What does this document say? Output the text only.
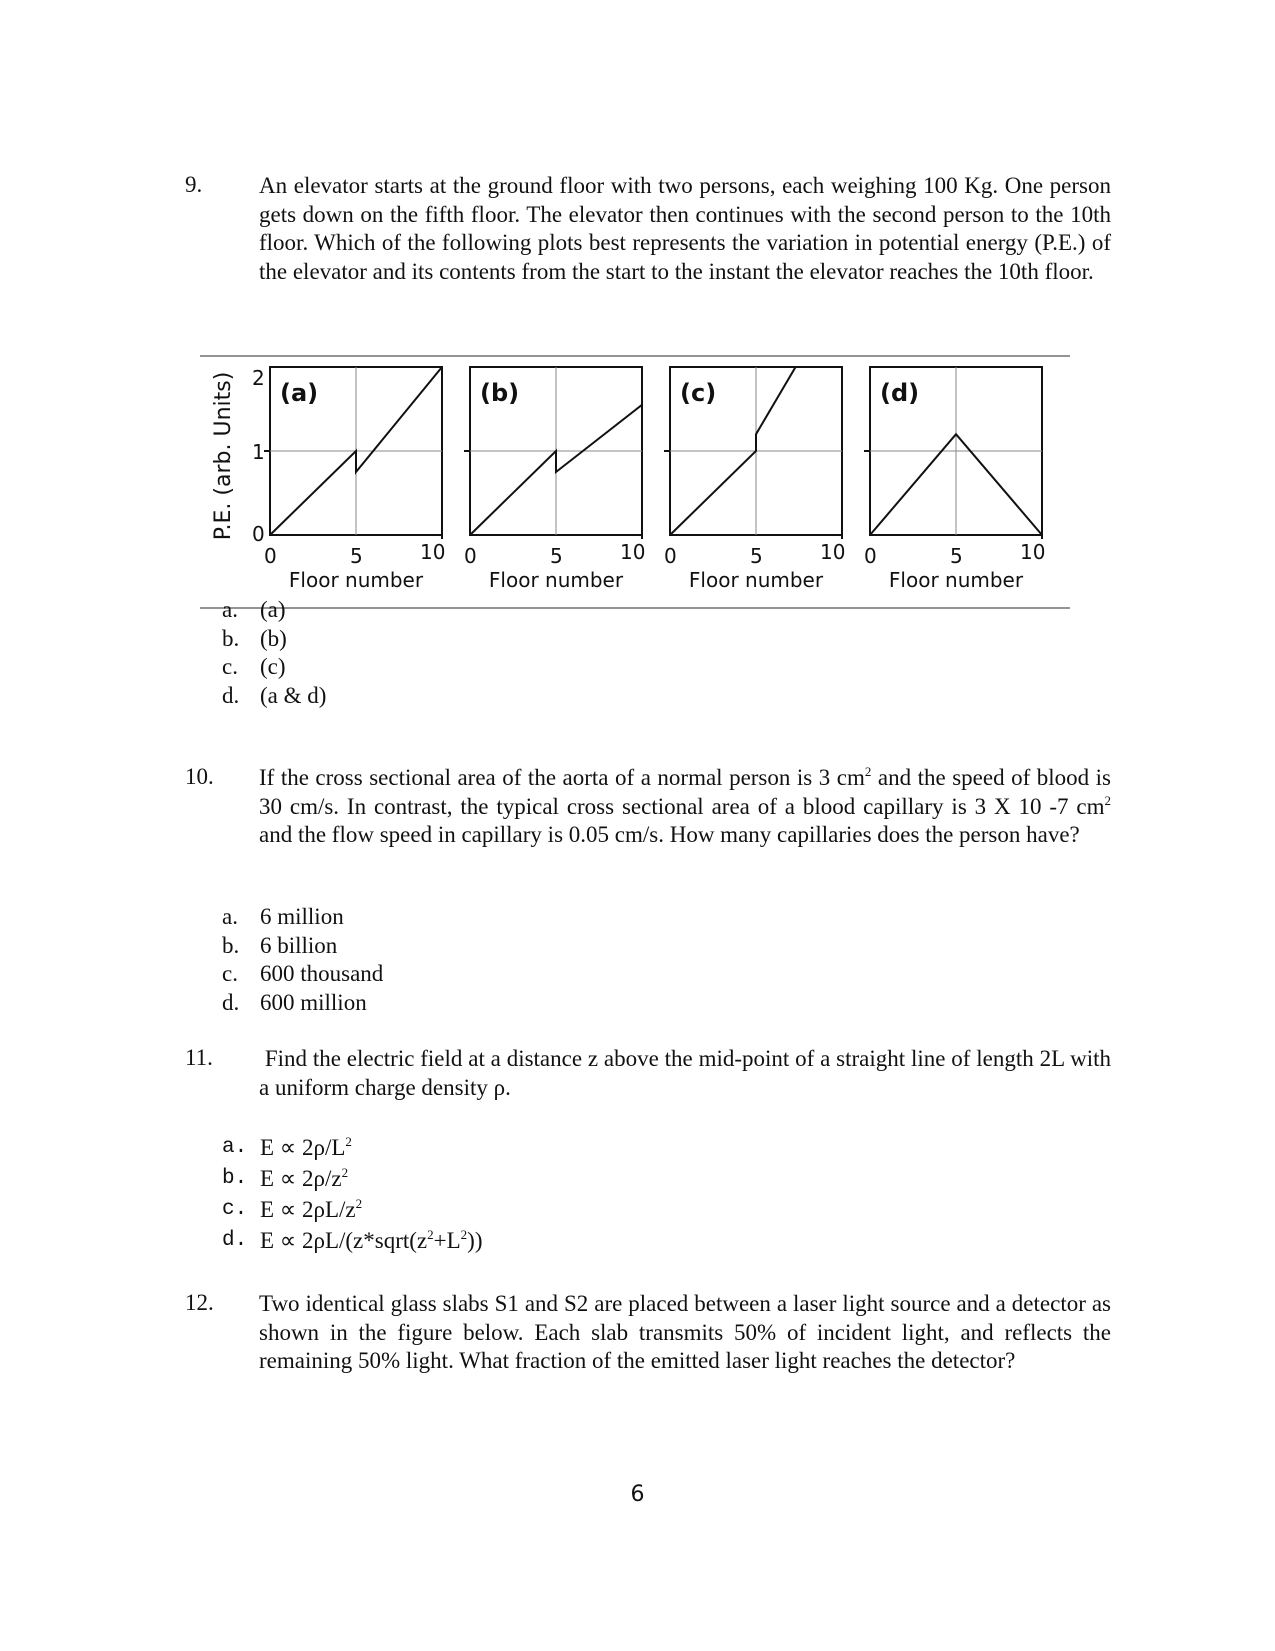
9. An elevator starts at the ground floor with two persons, each weighing 100 Kg. One person gets down on the fifth floor. The elevator then continues with the second person to the 10th floor. Which of the following plots best represents the variation in potential energy (P.E.) of the elevator and its contents from the start to the instant the elevator reaches the 10th floor.
(a)
0	5	10
Floor number
0
1
2
P.E. (arb. Units)	(b)
0	5	10
Floor number
(c)
0	5	10
Floor number
(d)
0	5	10
Floor number
a. (a)
b. (b)
c. (c)
d. (a & d)
10. If the cross sectional area of the aorta of a normal person is 3 $cm^2$ and the speed of blood is 30 cm/s. In contrast, the typical cross sectional area of a blood capillary is 3 X 10 -7 $cm^2$ and the flow speed in capillary is 0.05 cm/s. How many capillaries does the person have?
a. 6 million
b. 6 billion
c. 600 thousand
d. 600 million
11. Find the electric field at a distance z above the mid-point of a straight line of length 2L with a uniform charge density ρ.
a. $E \propto 2\rho/L^2$
b. $E \propto 2\rho/z^2$
c. $E \propto 2\rho L/z^2$
d. $E \propto 2\rho L/(z*sqrt(z^2+L^2))$
12. Two identical glass slabs S1 and S2 are placed between a laser light source and a detector as shown in the figure below. Each slab transmits 50% of incident light, and reflects the remaining 50% light. What fraction of the emitted laser light reaches the detector?
6
